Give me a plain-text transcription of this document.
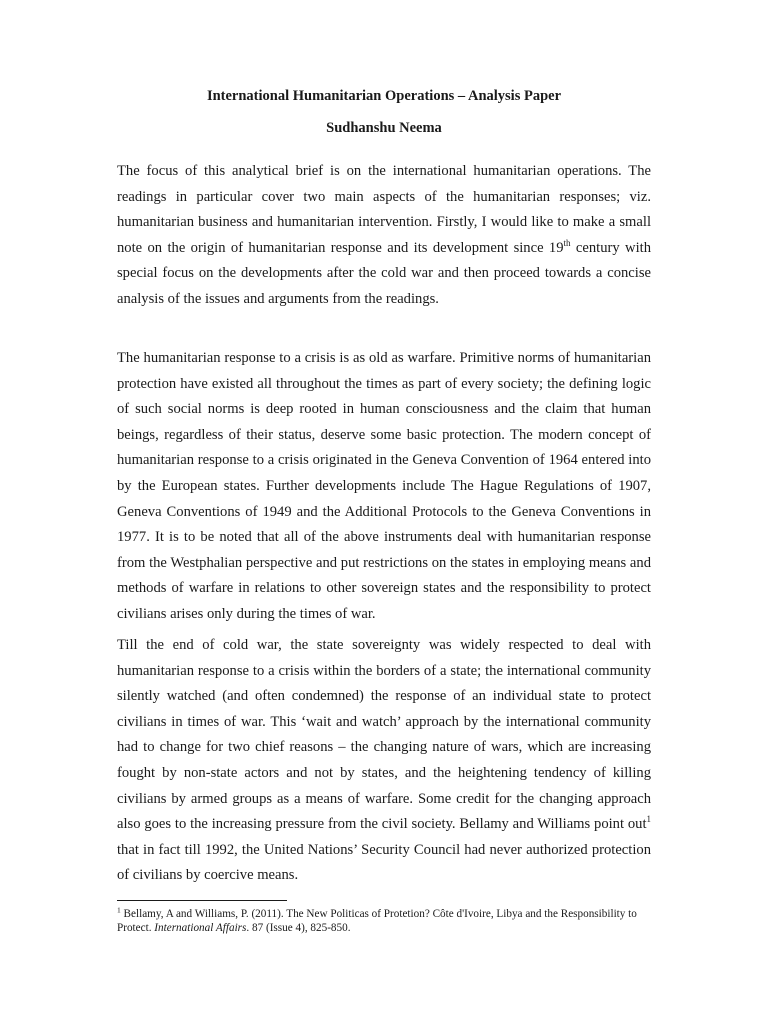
International Humanitarian Operations – Analysis Paper
Sudhanshu Neema

The focus of this analytical brief is on the international humanitarian operations. The readings in particular cover two main aspects of the humanitarian responses; viz. humanitarian business and humanitarian intervention. Firstly, I would like to make a small note on the origin of humanitarian response and its development since 19th century with special focus on the developments after the cold war and then proceed towards a concise analysis of the issues and arguments from the readings.

The humanitarian response to a crisis is as old as warfare. Primitive norms of humanitarian protection have existed all throughout the times as part of every society; the defining logic of such social norms is deep rooted in human consciousness and the claim that human beings, regardless of their status, deserve some basic protection. The modern concept of humanitarian response to a crisis originated in the Geneva Convention of 1964 entered into by the European states. Further developments include The Hague Regulations of 1907, Geneva Conventions of 1949 and the Additional Protocols to the Geneva Conventions in 1977. It is to be noted that all of the above instruments deal with humanitarian response from the Westphalian perspective and put restrictions on the states in employing means and methods of warfare in relations to other sovereign states and the responsibility to protect civilians arises only during the times of war.

Till the end of cold war, the state sovereignty was widely respected to deal with humanitarian response to a crisis within the borders of a state; the international community silently watched (and often condemned) the response of an individual state to protect civilians in times of war. This ‘wait and watch’ approach by the international community had to change for two chief reasons – the changing nature of wars, which are increasing fought by non-state actors and not by states, and the heightening tendency of killing civilians by armed groups as a means of warfare. Some credit for the changing approach also goes to the increasing pressure from the civil society. Bellamy and Williams point out$^1$ that in fact till 1992, the United Nations’ Security Council had never authorized protection of civilians by coercive means.

$^1$ Bellamy, A and Williams, P. (2011). The New Politicas of Protetion? Côte d'Ivoire, Libya and the Responsibility to Protect. International Affairs. 87 (Issue 4), 825-850.
